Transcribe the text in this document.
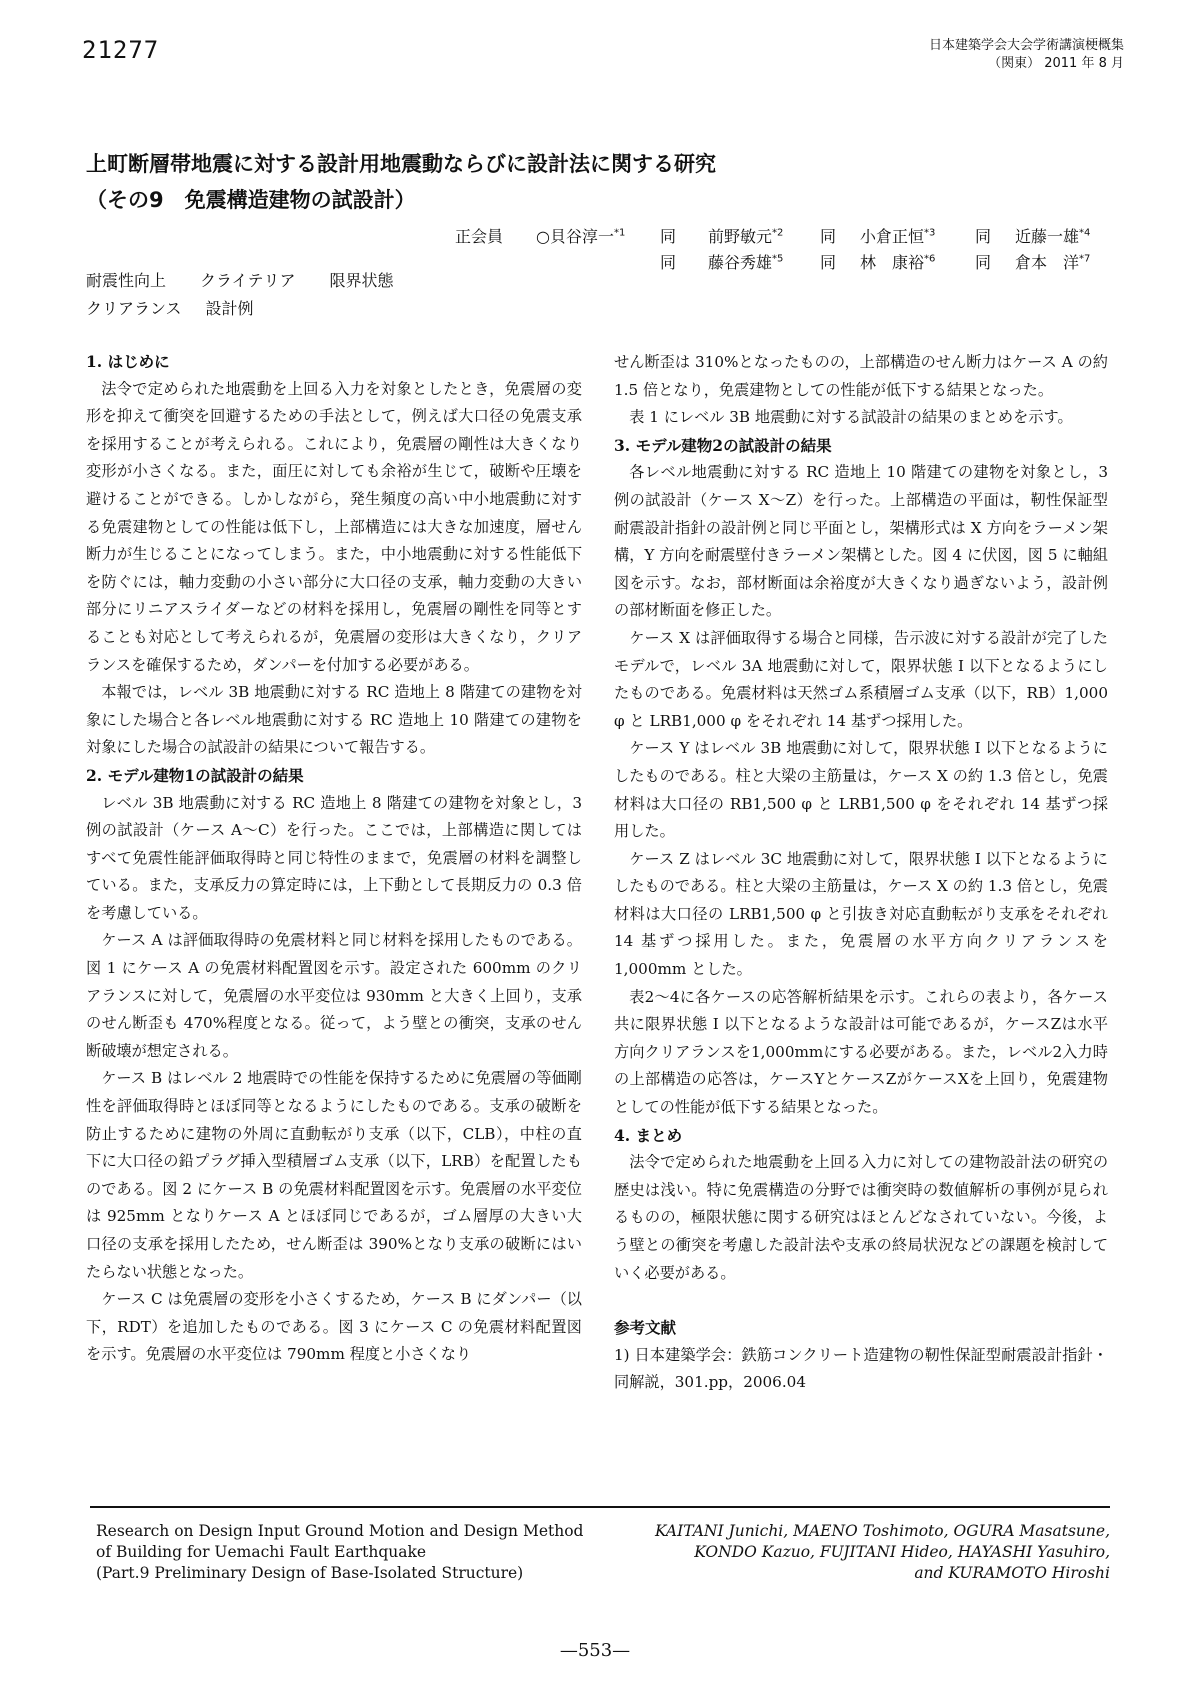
21277	日本建築学会大会学術講演梗概集
（関東） 2011 年 8 月
上町断層帯地震に対する設計用地震動ならびに設計法に関する研究
（その9　免震構造建物の試設計）
正会員 ○貝谷淳一$^{*1}$ 同 前野敏元$^{*2}$ 同 小倉正恒$^{*3}$ 同 近藤一雄$^{*4}$
同 藤谷秀雄$^{*5}$ 同 林　康裕$^{*6}$ 同 倉本　洋$^{*7}$
耐震性向上 クライテリア 限界状態
クリアランス 設計例
1. はじめに

法令で定められた地震動を上回る入力を対象としたとき，免震層の変形を抑えて衝突を回避するための手法として，例えば大口径の免震支承を採用することが考えられる。これにより，免震層の剛性は大きくなり変形が小さくなる。また，面圧に対しても余裕が生じて，破断や圧壊を避けることができる。しかしながら，発生頻度の高い中小地震動に対する免震建物としての性能は低下し，上部構造には大きな加速度，層せん断力が生じることになってしまう。また，中小地震動に対する性能低下を防ぐには，軸力変動の小さい部分に大口径の支承，軸力変動の大きい部分にリニアスライダーなどの材料を採用し，免震層の剛性を同等とすることも対応として考えられるが，免震層の変形は大きくなり，クリアランスを確保するため，ダンパーを付加する必要がある。

本報では，レベル 3B 地震動に対する RC 造地上 8 階建ての建物を対象にした場合と各レベル地震動に対する RC 造地上 10 階建ての建物を対象にした場合の試設計の結果について報告する。

2. モデル建物1の試設計の結果

レベル 3B 地震動に対する RC 造地上 8 階建ての建物を対象とし，3 例の試設計（ケース A〜C）を行った。ここでは，上部構造に関してはすべて免震性能評価取得時と同じ特性のままで，免震層の材料を調整している。また，支承反力の算定時には，上下動として長期反力の 0.3 倍を考慮している。

ケース A は評価取得時の免震材料と同じ材料を採用したものである。図 1 にケース A の免震材料配置図を示す。設定された 600mm のクリアランスに対して，免震層の水平変位は 930mm と大きく上回り，支承のせん断歪も 470%程度となる。従って，よう壁との衝突，支承のせん断破壊が想定される。

ケース B はレベル 2 地震時での性能を保持するために免震層の等価剛性を評価取得時とほぼ同等となるようにしたものである。支承の破断を防止するために建物の外周に直動転がり支承（以下，CLB），中柱の直下に大口径の鉛プラグ挿入型積層ゴム支承（以下，LRB）を配置したものである。図 2 にケース B の免震材料配置図を示す。免震層の水平変位は 925mm となりケース A とほぼ同じであるが，ゴム層厚の大きい大口径の支承を採用したため，せん断歪は 390%となり支承の破断にはいたらない状態となった。

ケース C は免震層の変形を小さくするため，ケース B にダンパー（以下，RDT）を追加したものである。図 3 にケース C の免震材料配置図を示す。免震層の水平変位は 790mm 程度と小さくなり

せん断歪は 310%となったものの，上部構造のせん断力はケース A の約 1.5 倍となり，免震建物としての性能が低下する結果となった。

表 1 にレベル 3B 地震動に対する試設計の結果のまとめを示す。

3. モデル建物2の試設計の結果

各レベル地震動に対する RC 造地上 10 階建ての建物を対象とし，3 例の試設計（ケース X〜Z）を行った。上部構造の平面は，靭性保証型耐震設計指針の設計例と同じ平面とし，架構形式は X 方向をラーメン架構，Y 方向を耐震壁付きラーメン架構とした。図 4 に伏図，図 5 に軸組図を示す。なお，部材断面は余裕度が大きくなり過ぎないよう，設計例の部材断面を修正した。

ケース X は評価取得する場合と同様，告示波に対する設計が完了したモデルで，レベル 3A 地震動に対して，限界状態 I 以下となるようにしたものである。免震材料は天然ゴム系積層ゴム支承（以下，RB）1,000 φ と LRB1,000 φ をそれぞれ 14 基ずつ採用した。

ケース Y はレベル 3B 地震動に対して，限界状態 I 以下となるようにしたものである。柱と大梁の主筋量は，ケース X の約 1.3 倍とし，免震材料は大口径の RB1,500 φ と LRB1,500 φ をそれぞれ 14 基ずつ採用した。

ケース Z はレベル 3C 地震動に対して，限界状態 I 以下となるようにしたものである。柱と大梁の主筋量は，ケース X の約 1.3 倍とし，免震材料は大口径の LRB1,500 φ と引抜き対応直動転がり支承をそれぞれ 14 基ずつ採用した。また，免震層の水平方向クリアランスを 1,000mm とした。

表2〜4に各ケースの応答解析結果を示す。これらの表より，各ケース共に限界状態 I 以下となるような設計は可能であるが，ケースZは水平方向クリアランスを1,000mmにする必要がある。また，レベル2入力時の上部構造の応答は，ケースYとケースZがケースXを上回り，免震建物としての性能が低下する結果となった。

4. まとめ

法令で定められた地震動を上回る入力に対しての建物設計法の研究の歴史は浅い。特に免震構造の分野では衝突時の数値解析の事例が見られるものの，極限状態に関する研究はほとんどなされていない。今後，よう壁との衝突を考慮した設計法や支承の終局状況などの課題を検討していく必要がある。

参考文献

1) 日本建築学会：鉄筋コンクリート造建物の靭性保証型耐震設計指針・同解説，301.pp，2006.04

Research on Design Input Ground Motion and Design Method
of Building for Uemachi Fault Earthquake
(Part.9 Preliminary Design of Base-Isolated Structure)
KAITANI Junichi, MAENO Toshimoto, OGURA Masatsune,
KONDO Kazuo, FUJITANI Hideo, HAYASHI Yasuhiro,
and KURAMOTO Hiroshi
—553—
